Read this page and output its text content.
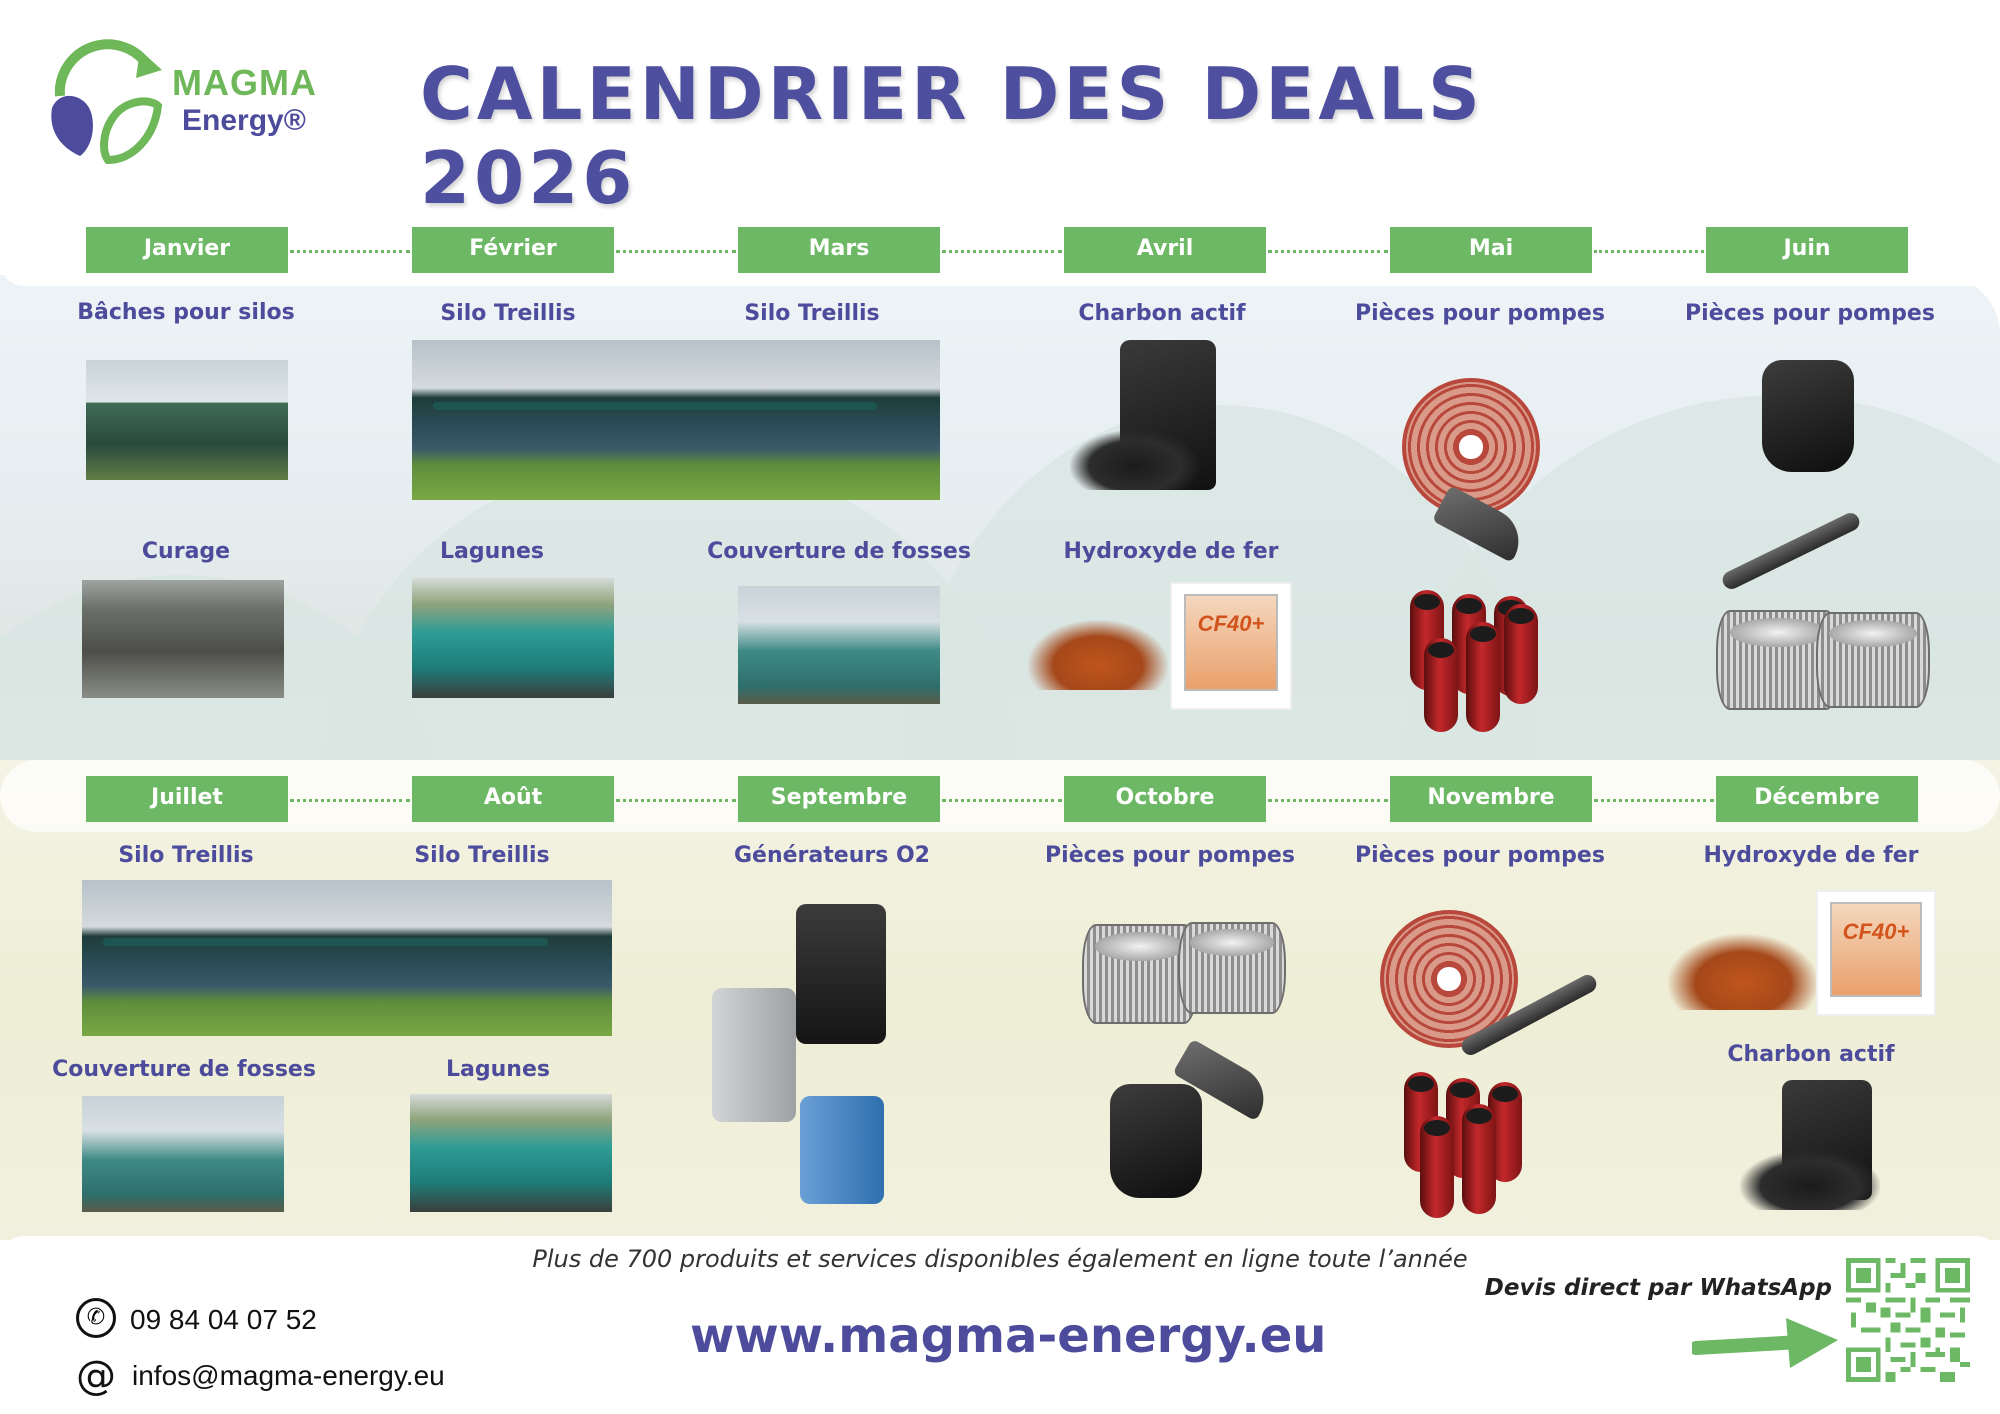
MAGMA
Energy® CALENDRIER DES DEALS 2026
Janvier	Février	Mars	Avril	Mai	Juin
Bâches pour silos	Silo Treillis	Silo Treillis	Charbon actif	Pièces pour pompes	Pièces pour pompes
Curage	Lagunes	Couverture de fosses	Hydroxyde de fer
CF40+
Juillet	Août	Septembre	Octobre	Novembre	Décembre
Silo Treillis	Silo Treillis	Générateurs O2	Pièces pour pompes	Pièces pour pompes	Hydroxyde de fer
Couverture de fosses	Lagunes
Charbon actif
CF40+
Plus de 700 produits et services disponibles également en ligne toute l’année
Devis direct par WhatsApp
www.magma-energy.eu
✆ 09 84 04 07 52
@ infos@magma-energy.eu
